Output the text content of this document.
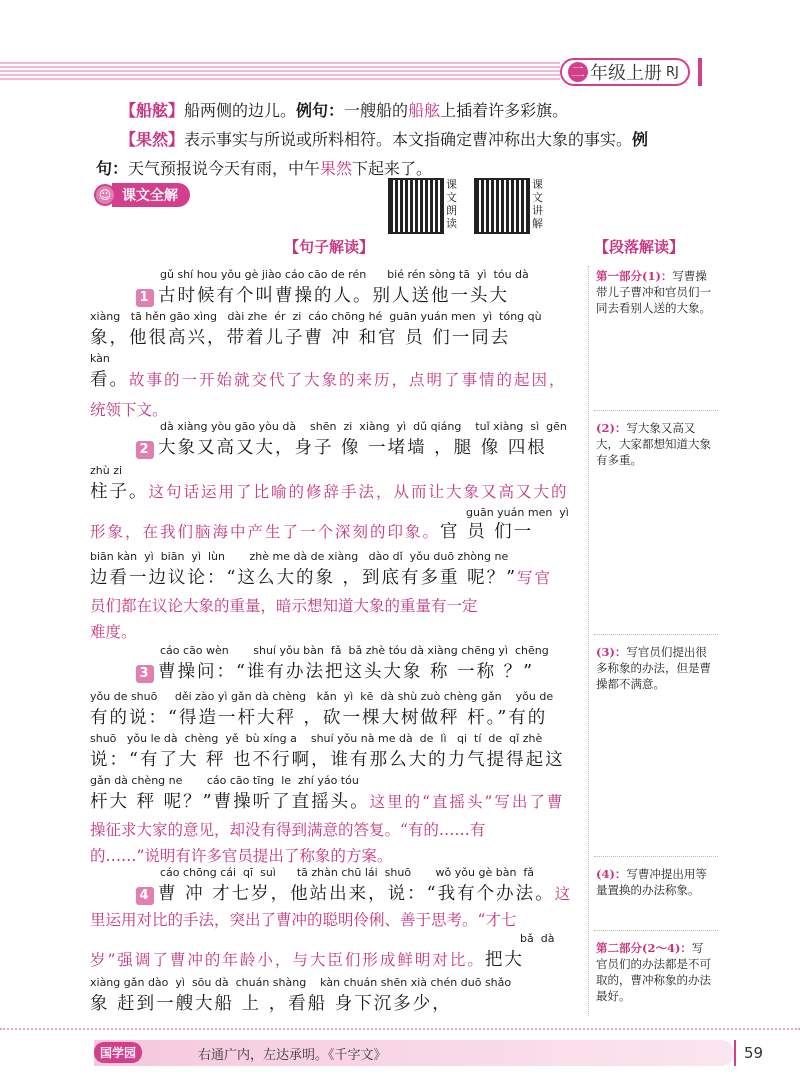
二 年级上册 RJ

【船舷】船两侧的边儿。例句：一艘船的船舷上插着许多彩旗。

【果然】表示事实与所说或所料相符。本文指确定曹冲称出大象的事实。例

句：天气预报说今天有雨，中午果然下起来了。

☺ 课文全解
课文朗读
课文讲解
【句子解读】	【段落解读】
gǔ shí hou yǒu gè jiào cáo cāo de rén      bié rén sòng tā  yì  tóu dà
1 古时候有个叫曹操的人。别人送他一头大
xiàng   tā hěn gāo xìng   dài zhe  ér  zi  cáo chōng hé  guān yuán men  yì  tóng qù
象，他很高兴，带着儿子曹 冲 和官 员 们一同去
kàn
看。故事的一开始就交代了大象的来历，点明了事情的起因，
统领下文。
dà xiàng yòu gāo yòu dà    shēn  zi  xiàng  yì  dǔ qiáng    tuǐ xiàng  sì  gēn
2 大象又高又大，身子 像 一堵墙 ，腿 像 四根
zhù zi
柱子。这句话运用了比喻的修辞手法，从而让大象又高又大的
guān yuán men  yì
形象，在我们脑海中产生了一个深刻的印象。官 员 们一
biān kàn  yì  biān  yì  lùn       zhè me dà de xiàng   dào dǐ  yǒu duō zhòng ne
边看一边议论：“这么大的象 ，到底有多重 呢？”写官
员们都在议论大象的重量，暗示想知道大象的重量有一定
难度。
cáo cāo wèn       shuí yǒu bàn  fǎ  bǎ zhè tóu dà xiàng chēng yì  chēng
3 曹操问：“谁有办法把这头大象 称 一称 ？”
yǒu de shuō     děi zào yì gǎn dà chèng   kǎn  yì  kē  dà shù zuò chèng gǎn    yǒu de
有的说：“得造一杆大秤 ，砍一棵大树做秤 杆。”有的
shuō   yǒu le dà  chèng  yě  bù xíng a    shuí yǒu nà me dà  de  lì   qi  tí  de  qǐ zhè
说：“有了大 秤 也不行啊，谁有那么大的力气提得起这
gǎn dà chèng ne       cáo cāo tīng  le  zhí yáo tóu
杆大 秤 呢？”曹操听了直摇头。这里的“直摇头”写出了曹
操征求大家的意见，却没有得到满意的答复。“有的……有
的……”说明有许多官员提出了称象的方案。
cáo chōng cái  qī  suì      tā zhàn chū lái  shuō       wǒ yǒu gè bàn  fǎ
4 曹 冲 才七岁，他站出来，说：“我有个办法。这
里运用对比的手法，突出了曹冲的聪明伶俐、善于思考。“才七
bǎ  dà
岁”强调了曹冲的年龄小，与大臣们形成鲜明对比。把大
xiàng gǎn dào  yì  sōu dà  chuán shàng    kàn chuán shēn xià chén duō shǎo
象 赶到一艘大船 上 ，看船 身下沉多少，
第一部分(1)：写曹操带儿子曹冲和官员们一同去看别人送的大象。
(2)：写大象又高又大，大家都想知道大象有多重。
(3)：写官员们提出很多称象的办法，但是曹操都不满意。
(4)：写曹冲提出用等量置换的办法称象。
第二部分(2～4)：写官员们的办法都是不可取的，曹冲称象的办法最好。
国学园	右通广内，左达承明。《千字文》	59
